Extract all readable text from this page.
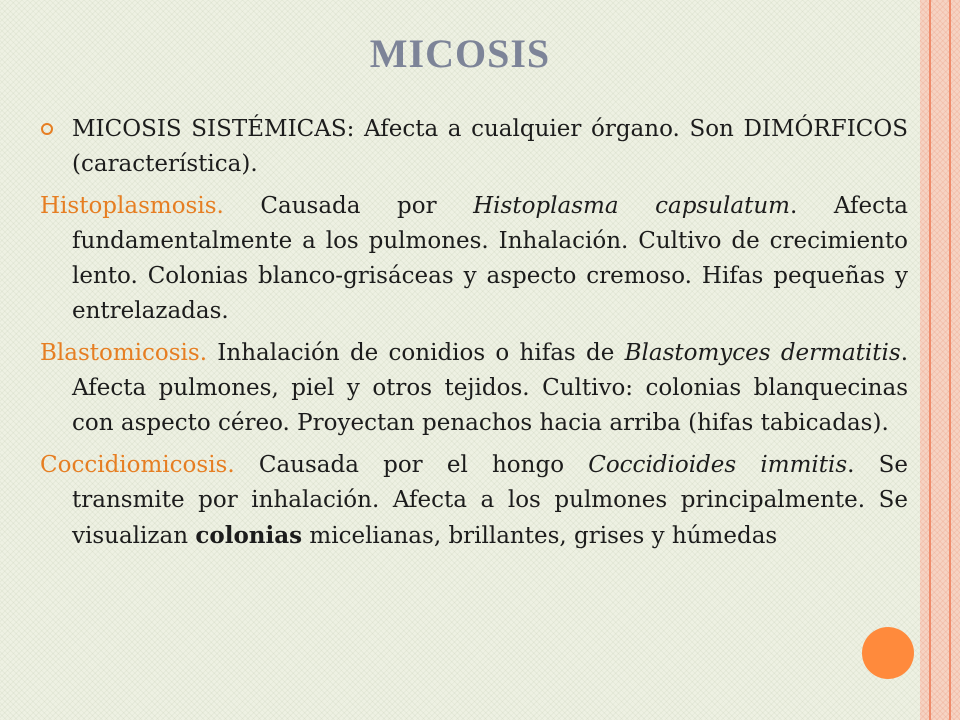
MICOSIS

MICOSIS SISTÉMICAS: Afecta a cualquier órgano. Son DIMÓRFICOS (característica).

Histoplasmosis. Causada por Histoplasma capsulatum. Afecta fundamentalmente a los pulmones. Inhalación. Cultivo de crecimiento lento. Colonias blanco-grisáceas y aspecto cremoso. Hifas pequeñas y entrelazadas.

Blastomicosis. Inhalación de conidios o hifas de Blastomyces dermatitis. Afecta pulmones, piel y otros tejidos. Cultivo: colonias blanquecinas con aspecto céreo. Proyectan penachos hacia arriba (hifas tabicadas).

Coccidiomicosis. Causada por el hongo Coccidioides immitis. Se transmite por inhalación. Afecta a los pulmones principalmente. Se visualizan colonias micelianas, brillantes, grises y húmedas
